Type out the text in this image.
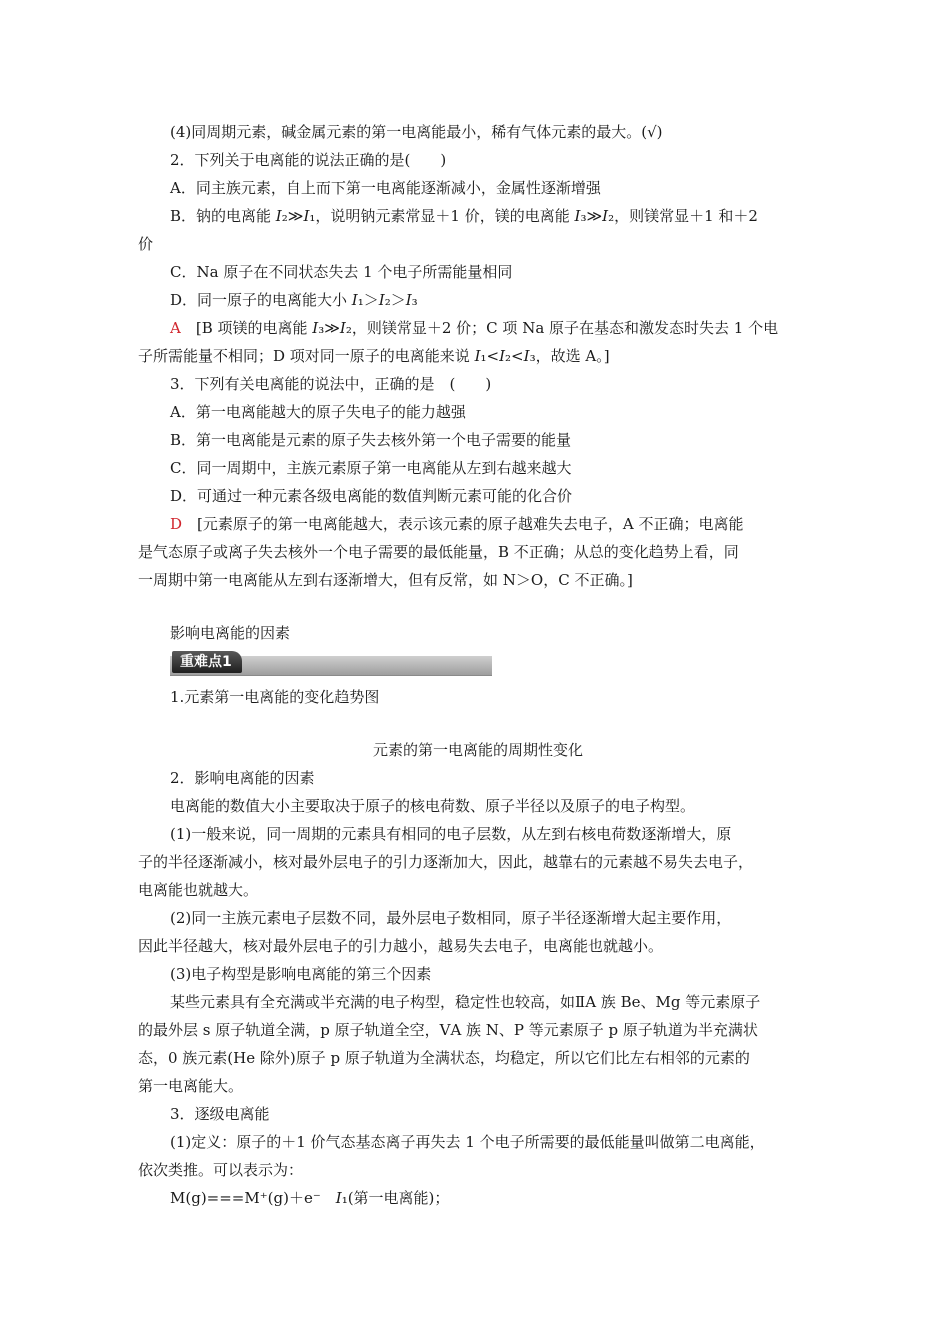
(4)同周期元素，碱金属元素的第一电离能最小，稀有气体元素的最大。(√)
2．下列关于电离能的说法正确的是(　　)
A．同主族元素，自上而下第一电离能逐渐减小，金属性逐渐增强
B．钠的电离能 I₂≫I₁，说明钠元素常显＋1 价，镁的电离能 I₃≫I₂，则镁常显＋1 和＋2
价
C．Na 原子在不同状态失去 1 个电子所需能量相同
D．同一原子的电离能大小 I₁＞I₂＞I₃
A　[B 项镁的电离能 I₃≫I₂，则镁常显＋2 价；C 项 Na 原子在基态和激发态时失去 1 个电
子所需能量不相同；D 项对同一原子的电离能来说 I₁<I₂<I₃，故选 A。]
3．下列有关电离能的说法中，正确的是　(　　)
A．第一电离能越大的原子失电子的能力越强
B．第一电离能是元素的原子失去核外第一个电子需要的能量
C．同一周期中，主族元素原子第一电离能从左到右越来越大
D．可通过一种元素各级电离能的数值判断元素可能的化合价
D　[元素原子的第一电离能越大，表示该元素的原子越难失去电子，A 不正确；电离能
是气态原子或离子失去核外一个电子需要的最低能量，B 不正确；从总的变化趋势上看，同
一周期中第一电离能从左到右逐渐增大，但有反常，如 N＞O，C 不正确。]
影响电离能的因素
重难点1
1.元素第一电离能的变化趋势图
元素的第一电离能的周期性变化
2．影响电离能的因素
电离能的数值大小主要取决于原子的核电荷数、原子半径以及原子的电子构型。
(1)一般来说，同一周期的元素具有相同的电子层数，从左到右核电荷数逐渐增大，原
子的半径逐渐减小，核对最外层电子的引力逐渐加大，因此，越靠右的元素越不易失去电子，
电离能也就越大。
(2)同一主族元素电子层数不同，最外层电子数相同，原子半径逐渐增大起主要作用，
因此半径越大，核对最外层电子的引力越小，越易失去电子，电离能也就越小。
(3)电子构型是影响电离能的第三个因素
某些元素具有全充满或半充满的电子构型，稳定性也较高，如ⅡA 族 Be、Mg 等元素原子
的最外层 s 原子轨道全满，p 原子轨道全空，ⅤA 族 N、P 等元素原子 p 原子轨道为半充满状
态，0 族元素(He 除外)原子 p 原子轨道为全满状态，均稳定，所以它们比左右相邻的元素的
第一电离能大。
3．逐级电离能
(1)定义：原子的＋1 价气态基态离子再失去 1 个电子所需要的最低能量叫做第二电离能，
依次类推。可以表示为：
M(g)===M⁺(g)＋e⁻　I₁(第一电离能)；
